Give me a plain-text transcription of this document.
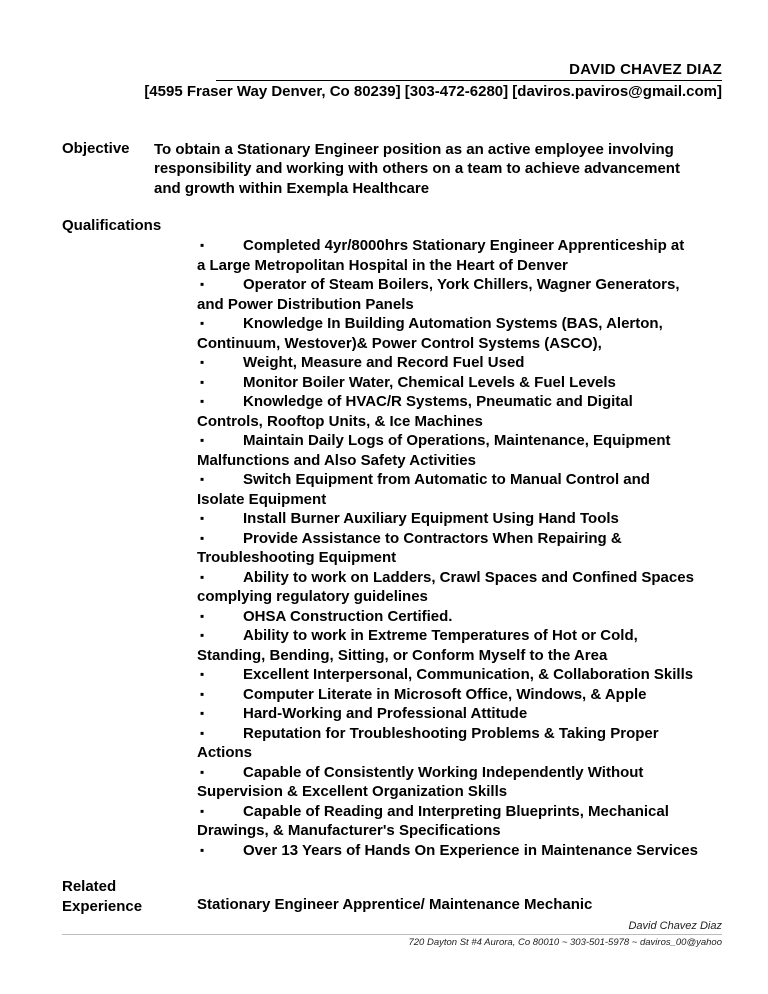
DAVID CHAVEZ DIAZ
[4595 Fraser Way Denver, Co 80239] [303-472-6280] [daviros.paviros@gmail.com]
Objective To obtain a Stationary Engineer position as an active employee involving
responsibility and working with others on a team to achieve advancement
and growth within Exempla Healthcare
Qualifications
▪	Completed 4yr/8000hrs Stationary Engineer Apprenticeship at
a Large Metropolitan Hospital in the Heart of Denver
▪	Operator of Steam Boilers, York Chillers, Wagner Generators,
and Power Distribution Panels
▪	Knowledge In Building Automation Systems (BAS, Alerton,
Continuum, Westover)& Power Control Systems (ASCO),
▪	Weight, Measure and Record Fuel Used
▪	Monitor Boiler Water, Chemical Levels & Fuel Levels
▪	Knowledge of HVAC/R Systems, Pneumatic and Digital
Controls, Rooftop Units, & Ice Machines
▪	Maintain Daily Logs of Operations, Maintenance, Equipment
Malfunctions and Also Safety Activities
▪	Switch Equipment from Automatic to Manual Control and
Isolate Equipment
▪	Install Burner Auxiliary Equipment Using Hand Tools
▪	Provide Assistance to Contractors When Repairing &
Troubleshooting Equipment
▪	Ability to work on Ladders, Crawl Spaces and Confined Spaces
complying regulatory guidelines
▪	OHSA Construction Certified.
▪	Ability to work in Extreme Temperatures of Hot or Cold,
Standing, Bending, Sitting, or Conform Myself to the Area
▪	Excellent Interpersonal, Communication, & Collaboration Skills
▪	Computer Literate in Microsoft Office, Windows, & Apple
▪	Hard-Working and Professional Attitude
▪	Reputation for Troubleshooting Problems & Taking Proper
Actions
▪	Capable of Consistently Working Independently Without
Supervision & Excellent Organization Skills
▪	Capable of Reading and Interpreting Blueprints, Mechanical
Drawings, & Manufacturer's Specifications
▪	Over 13 Years of Hands On Experience in Maintenance Services
Related
Experience	Stationary Engineer Apprentice/ Maintenance Mechanic
David Chavez Diaz
720 Dayton St #4 Aurora, Co 80010 ~ 303-501-5978 ~ daviros_00@yahoo
